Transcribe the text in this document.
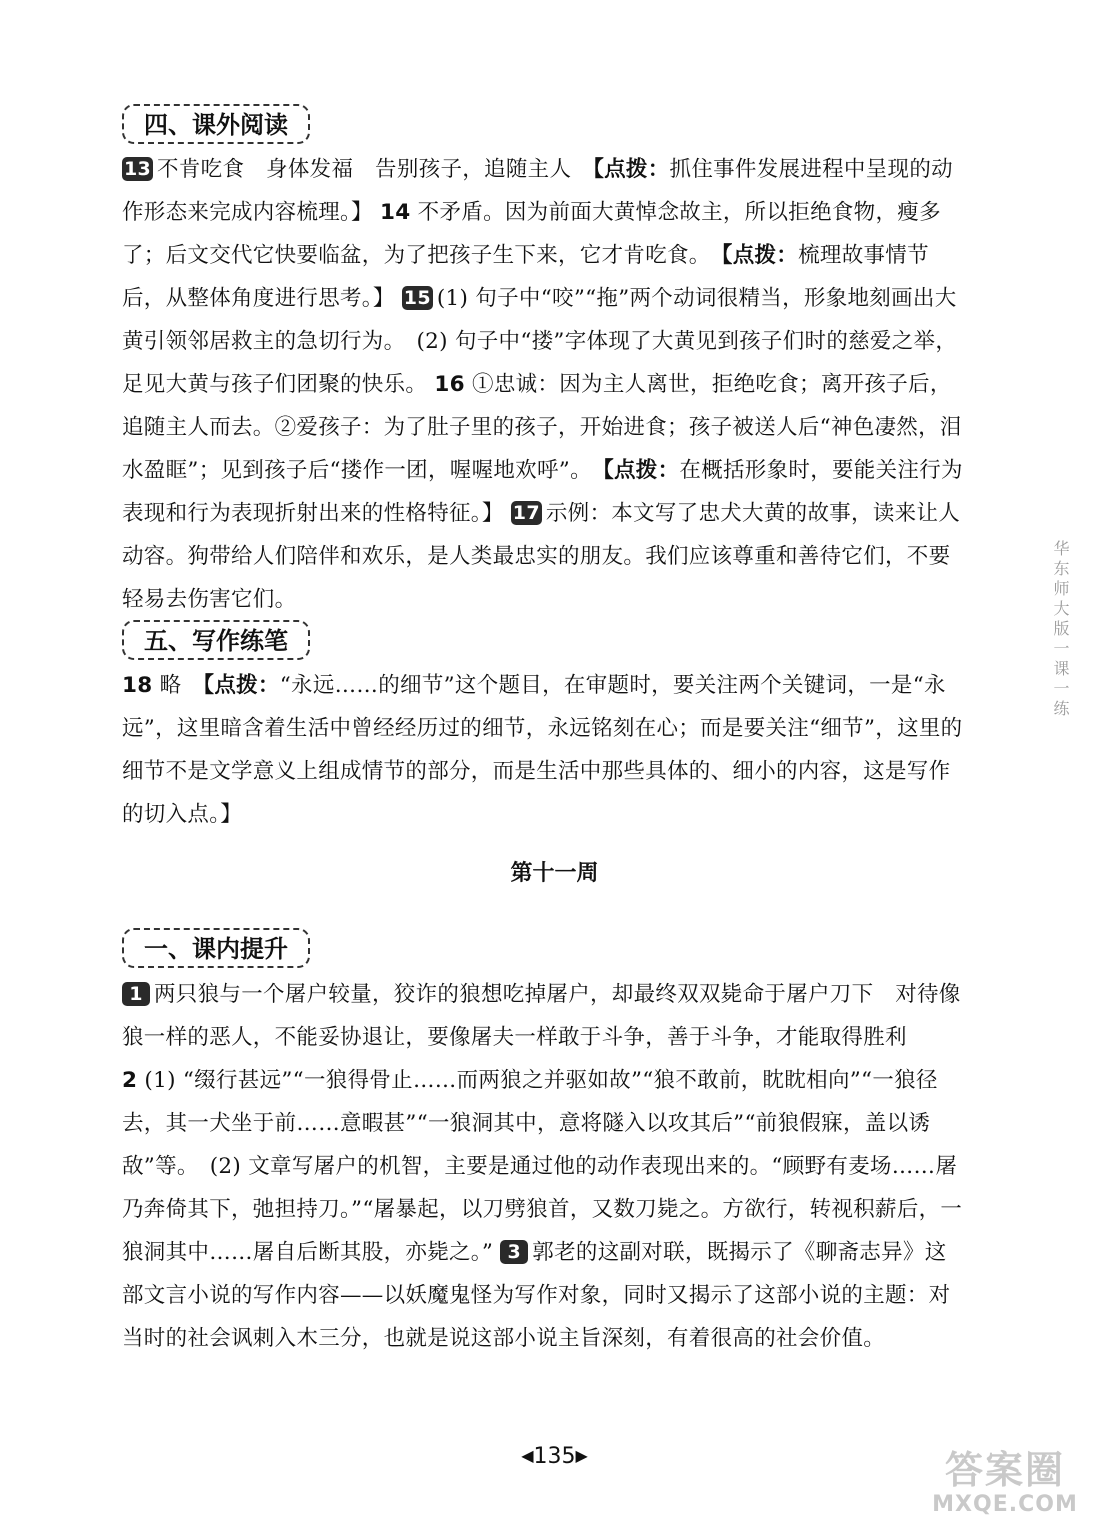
四、课外阅读

13 不肯吃食　身体发福　告别孩子，追随主人　【点拨：抓住事件发展进程中呈现的动作形态来完成内容梳理。】 14 不矛盾。因为前面大黄悼念故主，所以拒绝食物，瘦多了；后文交代它快要临盆，为了把孩子生下来，它才肯吃食。　【点拨：梳理故事情节后，从整体角度进行思考。】 15 (1) 句子中“咬”“拖”两个动词很精当，形象地刻画出大黄引领邻居救主的急切行为。　(2) 句子中“搂”字体现了大黄见到孩子们时的慈爱之举，足见大黄与孩子们团聚的快乐。 16 ①忠诚：因为主人离世，拒绝吃食；离开孩子后，追随主人而去。②爱孩子：为了肚子里的孩子，开始进食；孩子被送人后“神色凄然，泪水盈眶”；见到孩子后“搂作一团，喔喔地欢呼”。　【点拨：在概括形象时，要能关注行为表现和行为表现折射出来的性格特征。】 17 示例：本文写了忠犬大黄的故事，读来让人动容。狗带给人们陪伴和欢乐，是人类最忠实的朋友。我们应该尊重和善待它们，不要轻易去伤害它们。

五、写作练笔

18 略　【点拨：“永远……的细节”这个题目，在审题时，要关注两个关键词，一是“永远”，这里暗含着生活中曾经经历过的细节，永远铭刻在心；而是要关注“细节”，这里的细节不是文学意义上组成情节的部分，而是生活中那些具体的、细小的内容，这是写作的切入点。】

第十一周
一、课内提升

1 两只狼与一个屠户较量，狡诈的狼想吃掉屠户，却最终双双毙命于屠户刀下　对待像狼一样的恶人，不能妥协退让，要像屠夫一样敢于斗争，善于斗争，才能取得胜利
2 (1) “缀行甚远”“一狼得骨止……而两狼之并驱如故”“狼不敢前，眈眈相向”“一狼径去，其一犬坐于前……意暇甚”“一狼洞其中，意将隧入以攻其后”“前狼假寐，盖以诱敌”等。　(2) 文章写屠户的机智，主要是通过他的动作表现出来的。“顾野有麦场……屠乃奔倚其下，弛担持刀。”“屠暴起，以刀劈狼首，又数刀毙之。方欲行，转视积薪后，一狼洞其中……屠自后断其股，亦毙之。” 3 郭老的这副对联，既揭示了《聊斋志异》这部文言小说的写作内容——以妖魔鬼怪为写作对象，同时又揭示了这部小说的主题：对当时的社会讽刺入木三分，也就是说这部小说主旨深刻，有着很高的社会价值。

华东师大版一课一练
◀135▶	答案圈
MXQE.COM
